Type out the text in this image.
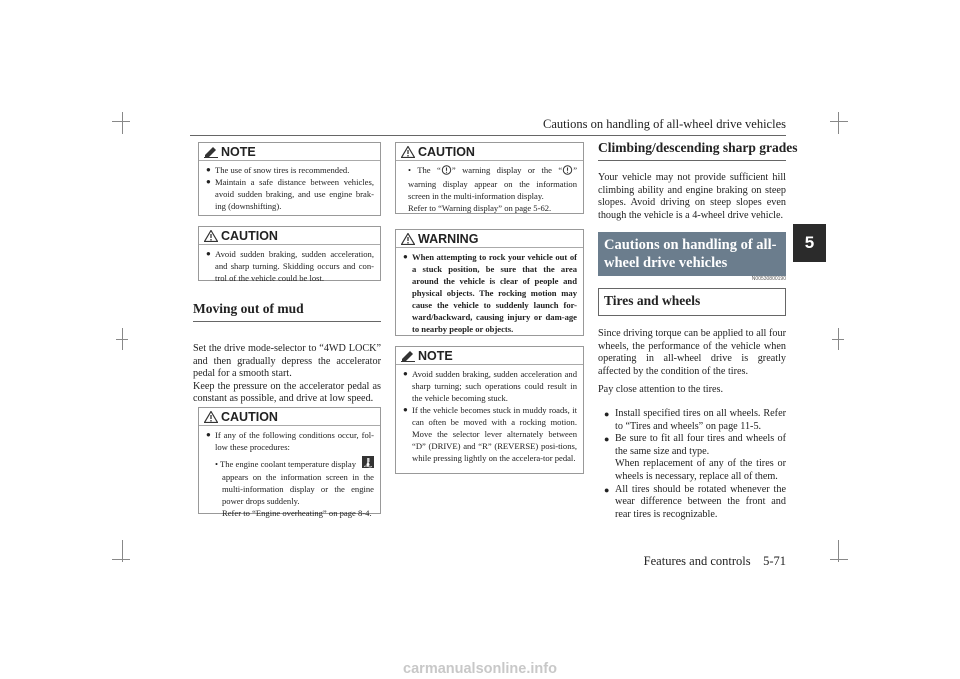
Cautions on handling of all-wheel drive vehicles
5
NOTE
● The use of snow tires is recommended.
● Maintain a safe distance between vehicles, avoid sudden braking, and use engine brak-ing (downshifting).
CAUTION
● Avoid sudden braking, sudden acceleration, and sharp turning. Skidding occurs and con-trol of the vehicle could be lost.
Moving out of mud

Set the drive mode-selector to “4WD LOCK” and then gradually depress the accelerator pedal for a smooth start.

Keep the pressure on the accelerator pedal as constant as possible, and drive at low speed.

CAUTION
● If any of the following conditions occur, fol-low these procedures:

• The engine coolant temperature display

appears on the information screen in the multi-information display or the engine power drops suddenly.

Refer to “Engine overheating” on page 8-4.

CAUTION

• The “ ” warning display or the “ ” warning display appear on the information screen in the multi-information display.

Refer to “Warning display” on page 5-62.

WARNING
● When attempting to rock your vehicle out of a stuck position, be sure that the area around the vehicle is clear of people and physical objects. The rocking motion may cause the vehicle to suddenly launch for-ward/backward, causing injury or dam-age to nearby people or objects.
NOTE
● Avoid sudden braking, sudden acceleration and sharp turning; such operations could result in the vehicle becoming stuck.
● If the vehicle becomes stuck in muddy roads, it can often be moved with a rocking motion. Move the selector lever alternately between “D” (DRIVE) and “R” (REVERSE) posi-tions, while pressing lightly on the accelera-tor pedal.
Climbing/descending sharp grades
Your vehicle may not provide sufficient hill climbing ability and engine braking on steep slopes. Avoid driving on steep slopes even though the vehicle is a 4-wheel drive vehicle.
Cautions on handling of all-wheel drive vehicles
N00530800190
Tires and wheels

Since driving torque can be applied to all four wheels, the performance of the vehicle when operating in all-wheel drive is greatly affected by the condition of the tires.

Pay close attention to the tires.

● Install specified tires on all wheels. Refer to “Tires and wheels” on page 11-5.
● Be sure to fit all four tires and wheels of the same size and type.
When replacement of any of the tires or wheels is necessary, replace all of them.
● All tires should be rotated whenever the wear difference between the front and rear tires is recognizable.
Features and controls    5-71
carmanualsonline.info
